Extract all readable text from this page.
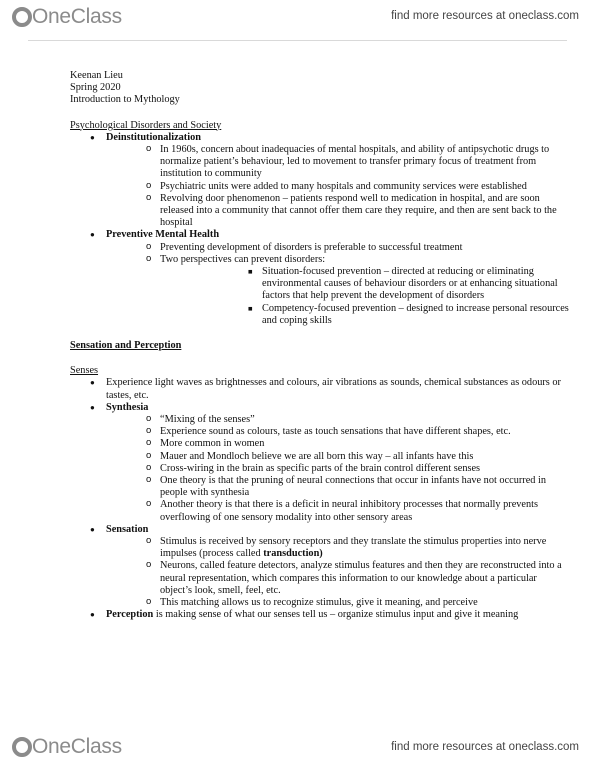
OneClass	find more resources at oneclass.com
Keenan Lieu
Spring 2020
Introduction to Mythology
Psychological Disorders and Society
● Deinstitutionalization
o In 1960s, concern about inadequacies of mental hospitals, and ability of antipsychotic drugs to normalize patient’s behaviour, led to movement to transfer primary focus of treatment from institution to community
o Psychiatric units were added to many hospitals and community services were established
o Revolving door phenomenon – patients respond well to medication in hospital, and are soon released into a community that cannot offer them care they require, and then are sent back to the hospital
● Preventive Mental Health
o Preventing development of disorders is preferable to successful treatment
o Two perspectives can prevent disorders:
■ Situation-focused prevention – directed at reducing or eliminating environmental causes of behaviour disorders or at enhancing situational factors that help prevent the development of disorders
■ Competency-focused prevention – designed to increase personal resources and coping skills
Sensation and Perception
Senses
● Experience light waves as brightnesses and colours, air vibrations as sounds, chemical substances as odours or tastes, etc.
● Synthesia
o “Mixing of the senses”
o Experience sound as colours, taste as touch sensations that have different shapes, etc.
o More common in women
o Mauer and Mondloch believe we are all born this way – all infants have this
o Cross-wiring in the brain as specific parts of the brain control different senses
o One theory is that the pruning of neural connections that occur in infants have not occurred in people with synthesia
o Another theory is that there is a deficit in neural inhibitory processes that normally prevents overflowing of one sensory modality into other sensory areas
● Sensation
o Stimulus is received by sensory receptors and they translate the stimulus properties into nerve impulses (process called transduction)
o Neurons, called feature detectors, analyze stimulus features and then they are reconstructed into a neural representation, which compares this information to our knowledge about a particular object’s look, smell, feel, etc.
o This matching allows us to recognize stimulus, give it meaning, and perceive
● Perception is making sense of what our senses tell us – organize stimulus input and give it meaning
OneClass	find more resources at oneclass.com
